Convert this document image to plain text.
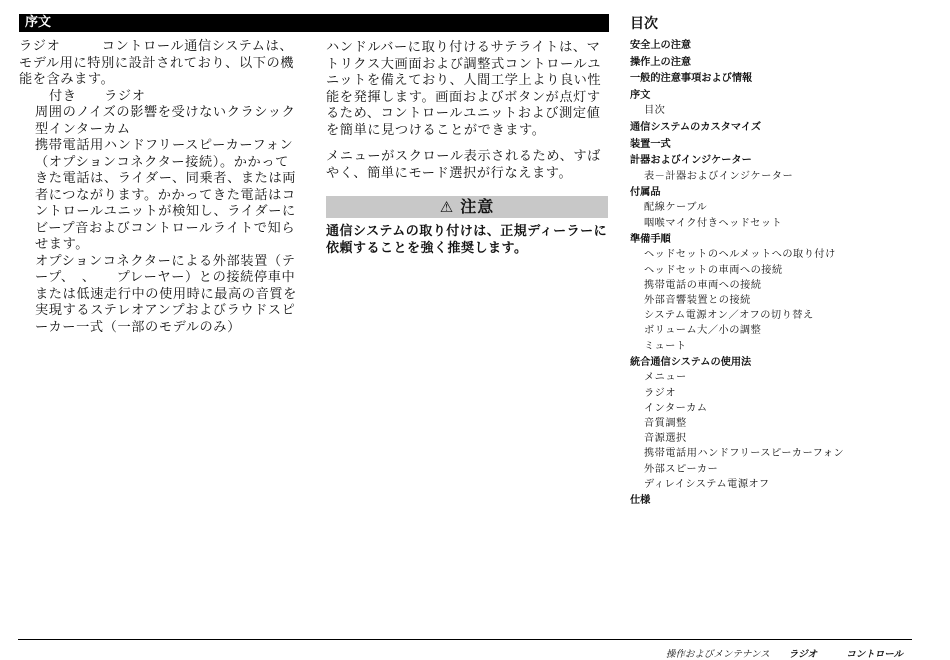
序文
ラジオ　　　コントロール通信システムは、　　　モデル用に特別に設計されており、以下の機能を含みます。
付き　　ラジオ

周囲のノイズの影響を受けないクラシック型インターカム

携帯電話用ハンドフリースピーカーフォン（オプションコネクター接続）。かかってきた電話は、ライダー、同乗者、または両者につながります。かかってきた電話はコントロールユニットが検知し、ライダーにビープ音およびコントロールライトで知らせます。

オプションコネクターによる外部装置（テープ、　、　　プレーヤー）との接続停車中または低速走行中の使用時に最高の音質を実現するステレオアンプおよびラウドスピーカー一式（一部のモデルのみ）

ハンドルバーに取り付けるサテライトは、マトリクス大画面および調整式コントロールユニットを備えており、人間工学上より良い性能を発揮します。画面およびボタンが点灯するため、コントロールユニットおよび測定値を簡単に見つけることができます。

メニューがスクロール表示されるため、すばやく、簡単にモード選択が行なえます。

⚠ 注意
通信システムの取り付けは、正規ディーラーに依頼することを強く推奨します。
目次
安全上の注意
操作上の注意
一般的注意事項および情報
序文
目次
通信システムのカスタマイズ
装置一式
計器およびインジケーター
表－計器およびインジケーター
付属品
配線ケーブル
咽喉マイク付きヘッドセット
準備手順
ヘッドセットのヘルメットへの取り付け
ヘッドセットの車両への接続
携帯電話の車両への接続
外部音響装置との接続
システム電源オン／オフの切り替え
ボリューム大／小の調整
ミュート
統合通信システムの使用法
メニュー
ラジオ
インターカム
音質調整
音源選択
携帯電話用ハンドフリースピーカーフォン
外部スピーカー
ディレイシステム電源オフ
仕様
操作およびメンテナンス ラジオ	コントロール
